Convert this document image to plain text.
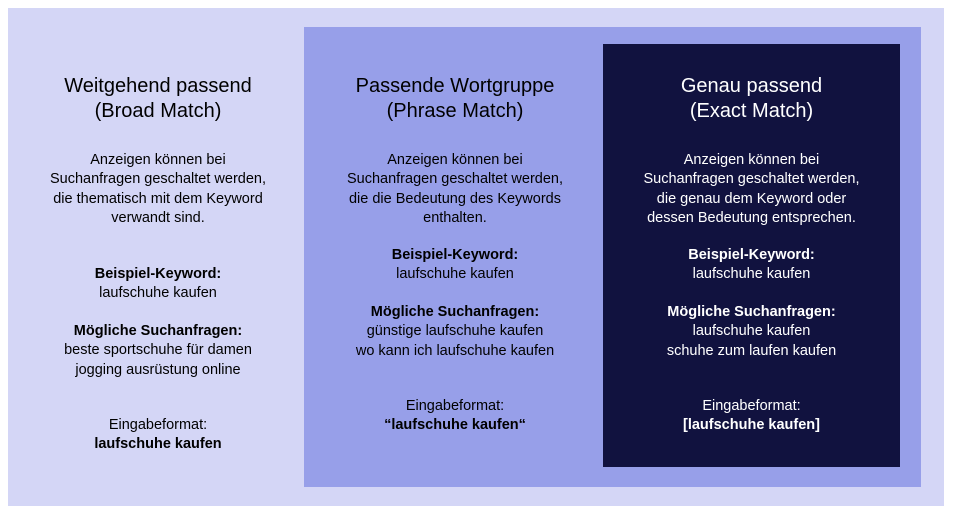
Weitgehend passend
(Broad Match)
Anzeigen können bei
Suchanfragen geschaltet werden,
die thematisch mit dem Keyword
verwandt sind.
Beispiel-Keyword:
laufschuhe kaufen
Mögliche Suchanfragen:
beste sportschuhe für damen
jogging ausrüstung online
Eingabeformat:
laufschuhe kaufen
Passende Wortgruppe
(Phrase Match)
Anzeigen können bei
Suchanfragen geschaltet werden,
die die Bedeutung des Keywords
enthalten.
Beispiel-Keyword:
laufschuhe kaufen
Mögliche Suchanfragen:
günstige laufschuhe kaufen
wo kann ich laufschuhe kaufen
Eingabeformat:
“laufschuhe kaufen“
Genau passend
(Exact Match)
Anzeigen können bei
Suchanfragen geschaltet werden,
die genau dem Keyword oder
dessen Bedeutung entsprechen.
Beispiel-Keyword:
laufschuhe kaufen
Mögliche Suchanfragen:
laufschuhe kaufen
schuhe zum laufen kaufen
Eingabeformat:
[laufschuhe kaufen]
